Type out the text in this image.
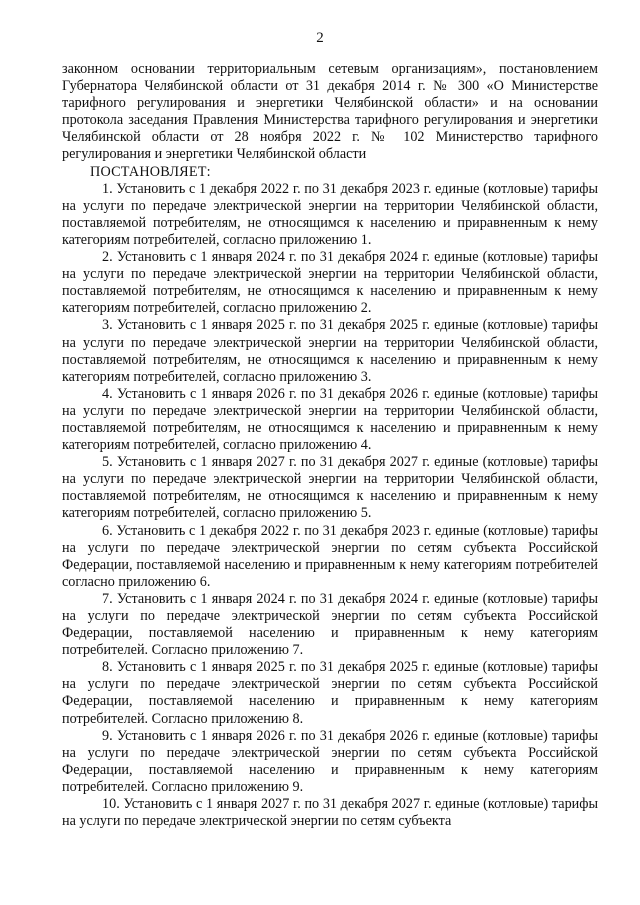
2

законном основании территориальным сетевым организациям», постановлением Губернатора Челябинской области от 31 декабря 2014 г. № 300 «О Министерстве тарифного регулирования и энергетики Челябинской области» и на основании протокола заседания Правления Министерства тарифного регулирования и энергетики Челябинской области от 28 ноября 2022 г. № 102 Министерство тарифного регулирования и энергетики Челябинской области

ПОСТАНОВЛЯЕТ:

1. Установить с 1 декабря 2022 г. по 31 декабря 2023 г. единые (котловые) тарифы на услуги по передаче электрической энергии на территории Челябинской области, поставляемой потребителям, не относящимся к населению и приравненным к нему категориям потребителей, согласно приложению 1.

2. Установить с 1 января 2024 г. по 31 декабря 2024 г. единые (котловые) тарифы на услуги по передаче электрической энергии на территории Челябинской области, поставляемой потребителям, не относящимся к населению и приравненным к нему категориям потребителей, согласно приложению 2.

3. Установить с 1 января 2025 г. по 31 декабря 2025 г. единые (котловые) тарифы на услуги по передаче электрической энергии на территории Челябинской области, поставляемой потребителям, не относящимся к населению и приравненным к нему категориям потребителей, согласно приложению 3.

4. Установить с 1 января 2026 г. по 31 декабря 2026 г. единые (котловые) тарифы на услуги по передаче электрической энергии на территории Челябинской области, поставляемой потребителям, не относящимся к населению и приравненным к нему категориям потребителей, согласно приложению 4.

5. Установить с 1 января 2027 г. по 31 декабря 2027 г. единые (котловые) тарифы на услуги по передаче электрической энергии на территории Челябинской области, поставляемой потребителям, не относящимся к населению и приравненным к нему категориям потребителей, согласно приложению 5.

6. Установить с 1 декабря 2022 г. по 31 декабря 2023 г. единые (котловые) тарифы на услуги по передаче электрической энергии по сетям субъекта Российской Федерации, поставляемой населению и приравненным к нему категориям потребителей согласно приложению 6.

7. Установить с 1 января 2024 г. по 31 декабря 2024 г. единые (котловые) тарифы на услуги по передаче электрической энергии по сетям субъекта Российской Федерации, поставляемой населению и приравненным к нему категориям потребителей. Согласно приложению 7.

8. Установить с 1 января 2025 г. по 31 декабря 2025 г. единые (котловые) тарифы на услуги по передаче электрической энергии по сетям субъекта Российской Федерации, поставляемой населению и приравненным к нему категориям потребителей. Согласно приложению 8.

9. Установить с 1 января 2026 г. по 31 декабря 2026 г. единые (котловые) тарифы на услуги по передаче электрической энергии по сетям субъекта Российской Федерации, поставляемой населению и приравненным к нему категориям потребителей. Согласно приложению 9.

10. Установить с 1 января 2027 г. по 31 декабря 2027 г. единые (котловые) тарифы на услуги по передаче электрической энергии по сетям субъекта
